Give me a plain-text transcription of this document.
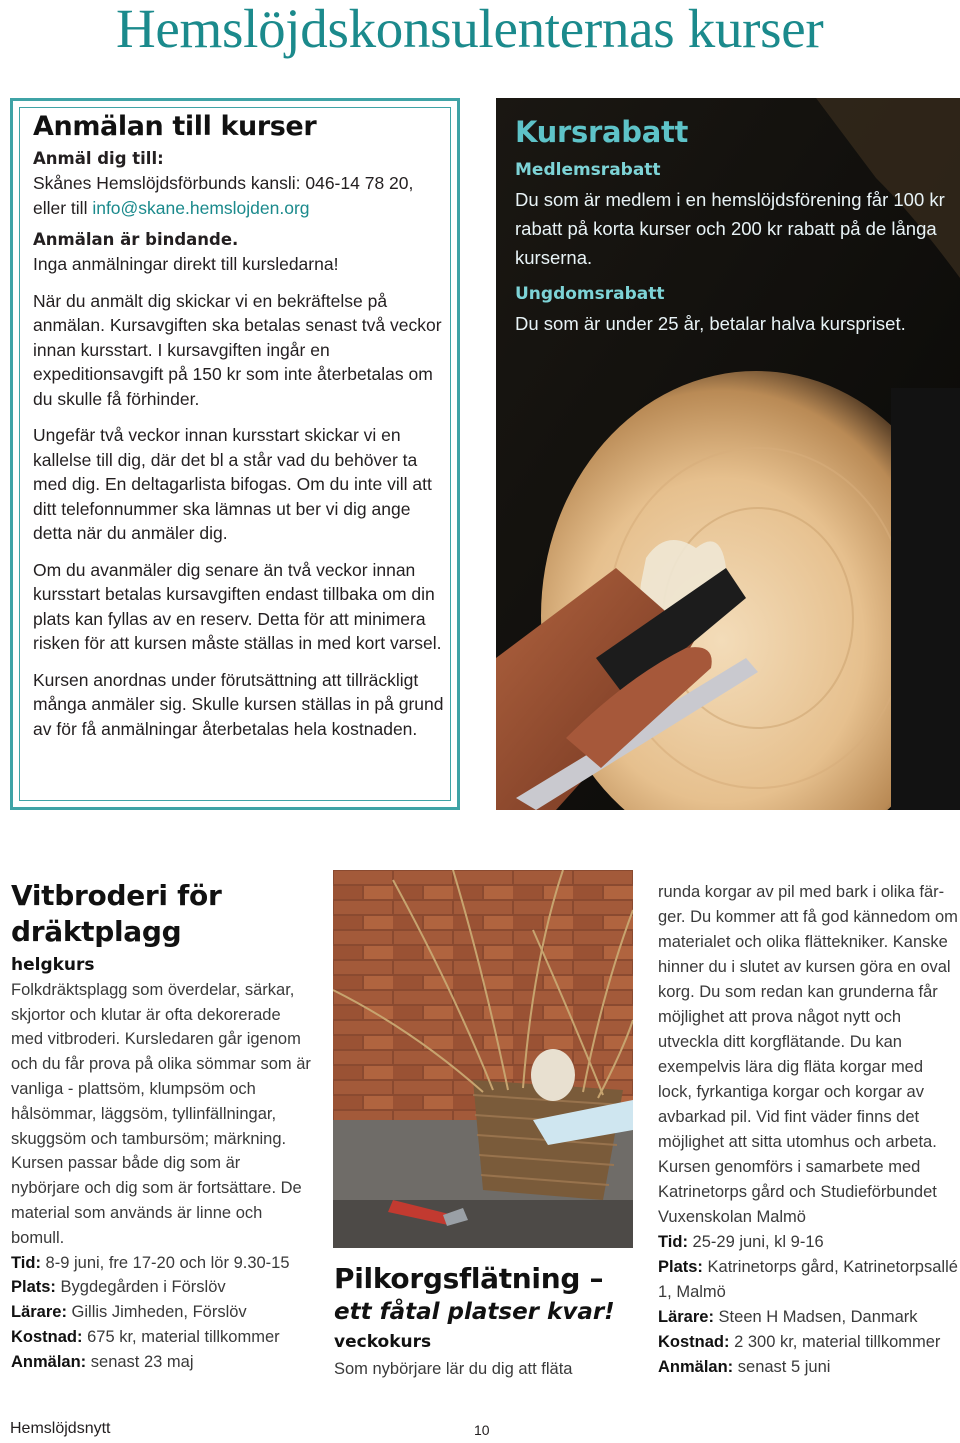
Hemslöjdskonsulenternas kurser
Anmälan till kurser
Anmäl dig till:

Skånes Hemslöjdsförbunds kansli: 046-14 78 20,
eller till info@skane.hemslojden.org

Anmälan är bindande.

Inga anmälningar direkt till kursledarna!

När du anmält dig skickar vi en bekräftelse på anmälan. Kursavgiften ska betalas senast två veckor innan kursstart. I kursavgiften ingår en expeditionsavgift på 150 kr som inte återbetalas om du skulle få förhinder.

Ungefär två veckor innan kursstart skickar vi en kallelse till dig, där det bl a står vad du behöver ta med dig. En deltagarlista bifogas. Om du inte vill att ditt telefonnummer ska lämnas ut ber vi dig ange detta när du anmäler dig.

Om du avanmäler dig senare än två veckor innan kursstart betalas kursavgiften endast tillbaka om din plats kan fyllas av en reserv. Detta för att minimera risken för att kursen måste ställas in med kort varsel.

Kursen anordnas under förutsättning att tillräckligt många anmäler sig. Skulle kursen ställas in på grund av för få anmälningar återbetalas hela kostnaden.

Kursrabatt
Medlemsrabatt

Du som är medlem i en hemslöjdsförening får 100 kr rabatt på korta kurser och 200 kr rabatt på de långa kurserna.

Ungdomsrabatt

Du som är under 25 år, betalar halva kurspriset.

Vitbroderi för dräktplagg
helgkurs

Folkdräktsplagg som överdelar, särkar, skjortor och klutar är ofta dekorerade med vitbroderi. Kursledaren går igenom och du får prova på olika sömmar som är vanliga - plattsöm, klumpsöm och hålsömmar, läggsöm, tyllinfällningar, skuggsöm och tambursöm; märkning. Kursen passar både dig som är nybörjare och dig som är fortsättare. De material som används är linne och bomull.

Tid: 8-9 juni, fre 17-20 och lör 9.30-15

Plats: Bygdegården i Förslöv

Lärare: Gillis Jimheden, Förslöv

Kostnad: 675 kr, material tillkommer

Anmälan: senast 23 maj

Pilkorgsflätning –
ett fåtal platser kvar!
veckokurs

Som nybörjare lär du dig att fläta

runda korgar av pil med bark i olika färger. Du kommer att få god kännedom om materialet och olika flättekniker. Kanske hinner du i slutet av kursen göra en oval korg. Du som redan kan grunderna får möjlighet att prova något nytt och utveckla ditt korgflätande. Du kan exempelvis lära dig fläta korgar med lock, fyrkantiga korgar och korgar av avbarkad pil. Vid fint väder finns det möjlighet att sitta utomhus och arbeta. Kursen genomförs i samarbete med Katrinetorps gård och Studieförbundet Vuxenskolan Malmö

Tid: 25-29 juni, kl 9-16

Plats: Katrinetorps gård, Katrinetorpsallé 1, Malmö

Lärare: Steen H Madsen, Danmark

Kostnad: 2 300 kr, material tillkommer

Anmälan: senast 5 juni

Hemslöjdsnytt	10
